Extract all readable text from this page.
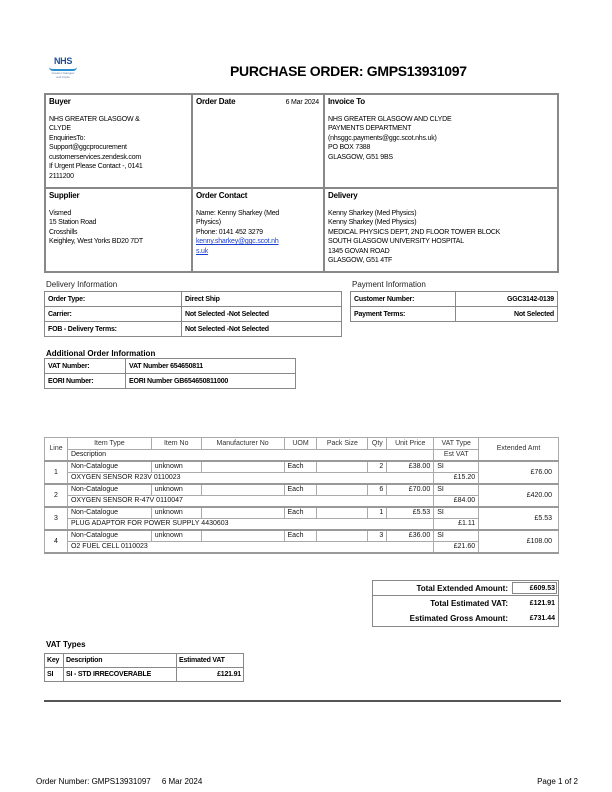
NHS
Greater Glasgow
and Clyde	PURCHASE ORDER: GMPS13931097
Buyer
NHS GREATER GLASGOW &
CLYDE
EnquiriesTo:
Support@ggcprocurement
customerservices.zendesk.com
If Urgent Please Contact -, 0141
2111200
Order Date	6 Mar 2024 Invoice To
NHS GREATER GLASGOW AND CLYDE
PAYMENTS DEPARTMENT
(nhsggc.payments@ggc.scot.nhs.uk)
PO BOX 7388
GLASGOW, G51 9BS
Supplier
Vismed
15 Station Road
Crosshills
Keighley, West Yorks BD20 7DT
Order Contact
Name: Kenny Sharkey (Med
Physics)
Phone: 0141 452 3279
kenny.sharkey@ggc.scot.nh
s.uk
Delivery
Kenny Sharkey (Med Physics)
Kenny Sharkey (Med Physics)
MEDICAL PHYSICS DEPT, 2ND FLOOR TOWER BLOCK
SOUTH GLASGOW UNIVERSITY HOSPITAL
1345 GOVAN ROAD
GLASGOW, G51 4TF
Delivery Information
Order Type:	Direct Ship
Carrier:	Not Selected -Not Selected
FOB - Delivery Terms:	Not Selected -Not Selected
Payment Information
Customer Number:	GGC3142-0139
Payment Terms:	Not Selected
Additional Order Information
VAT Number:	VAT Number 654650811
EORI Number:	EORI Number GB654650811000
Line	Item Type	Item No	Manufacturer No	UOM	Pack Size	Qty	Unit Price	VAT Type	Extended Amt
	Description							Est VAT	
1	Non-Catalogue	unknown		Each		2	£38.00	SI	£76.00
	OXYGEN SENSOR R23V 0110023							£15.20	
2	Non-Catalogue	unknown		Each		6	£70.00	SI	£420.00
	OXYGEN SENSOR R-47V 0110047							£84.00	
3	Non-Catalogue	unknown		Each		1	£5.53	SI	£5.53
	PLUG ADAPTOR FOR POWER SUPPLY 4430603							£1.11	
4	Non-Catalogue	unknown		Each		3	£36.00	SI	£108.00
	O2 FUEL CELL 0110023							£21.60	

Total Extended Amount:	£609.53
Total Estimated VAT:	£121.91
Estimated Gross Amount:	£731.44
VAT Types
Key	Description	Estimated VAT
SI	SI - STD IRRECOVERABLE	£121.91
Order Number: GMPS13931097     6 Mar 2024	Page 1 of 2
